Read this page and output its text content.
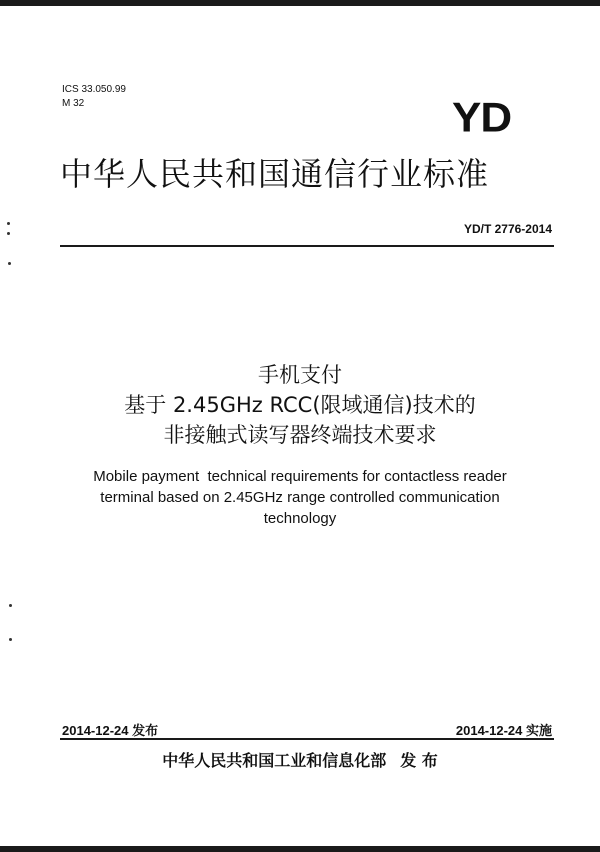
ICS 33.050.99
M 32	YD
中华人民共和国通信行业标准
YD/T 2776-2014
手机支付
基于 2.45GHz RCC(限域通信)技术的
非接触式读写器终端技术要求
Mobile payment  technical requirements for contactless reader
terminal based on 2.45GHz range controlled communication
technology
2014-12-24 发布	2014-12-24 实施
中华人民共和国工业和信息化部 发 布
